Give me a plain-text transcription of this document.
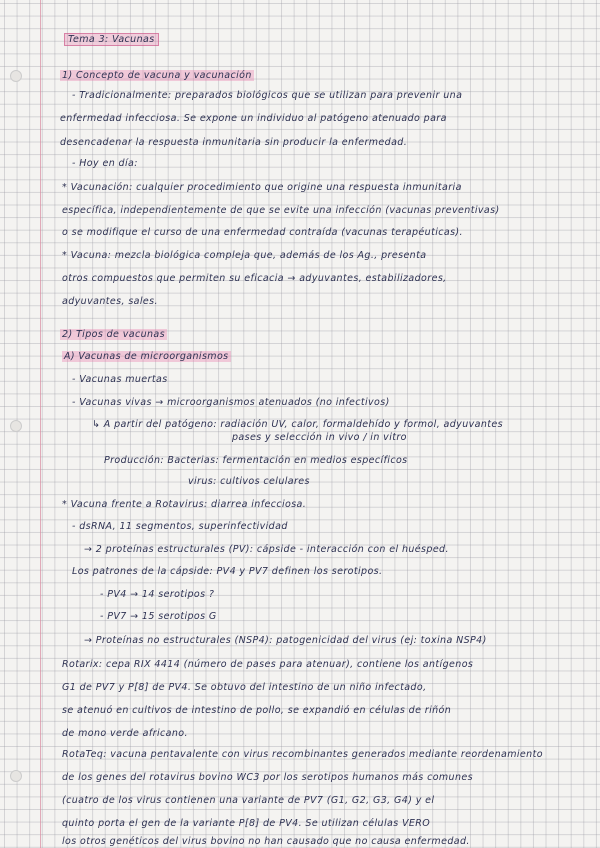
Tema 3: Vacunas
1) Concepto de vacuna y vacunación
- Tradicionalmente: preparados biológicos que se utilizan para prevenir una
enfermedad infecciosa. Se expone un individuo al patógeno atenuado para
desencadenar la respuesta inmunitaria sin producir la enfermedad.
- Hoy en día:
* Vacunación: cualquier procedimiento que origine una respuesta inmunitaria
específica, independientemente de que se evite una infección (vacunas preventivas)
o se modifique el curso de una enfermedad contraída (vacunas terapéuticas).
* Vacuna: mezcla biológica compleja que, además de los Ag., presenta
otros compuestos que permiten su eficacia → adyuvantes, estabilizadores,
adyuvantes, sales.
2) Tipos de vacunas
A) Vacunas de microorganismos
- Vacunas muertas
- Vacunas vivas → microorganismos atenuados (no infectivos)
↳ A partir del patógeno: radiación UV, calor, formaldehído y formol, adyuvantes
pases y selección in vivo / in vitro
Producción: Bacterias: fermentación en medios específicos
virus: cultivos celulares
* Vacuna frente a Rotavirus: diarrea infecciosa.
- dsRNA, 11 segmentos, superinfectividad
→ 2 proteínas estructurales (PV): cápside - interacción con el huésped.
Los patrones de la cápside: PV4 y PV7 definen los serotipos.
- PV4 → 14 serotipos ?
- PV7 → 15 serotipos G
→ Proteínas no estructurales (NSP4): patogenicidad del virus (ej: toxina NSP4)
Rotarix: cepa RIX 4414 (número de pases para atenuar), contiene los antígenos
G1 de PV7 y P[8] de PV4. Se obtuvo del intestino de un niño infectado,
se atenuó en cultivos de intestino de pollo, se expandió en células de riñón
de mono verde africano.
RotaTeq: vacuna pentavalente con virus recombinantes generados mediante reordenamiento
de los genes del rotavirus bovino WC3 por los serotipos humanos más comunes
(cuatro de los virus contienen una variante de PV7 (G1, G2, G3, G4) y el
quinto porta el gen de la variante P[8] de PV4. Se utilizan células VERO
los otros genéticos del virus bovino no han causado que no causa enfermedad.
